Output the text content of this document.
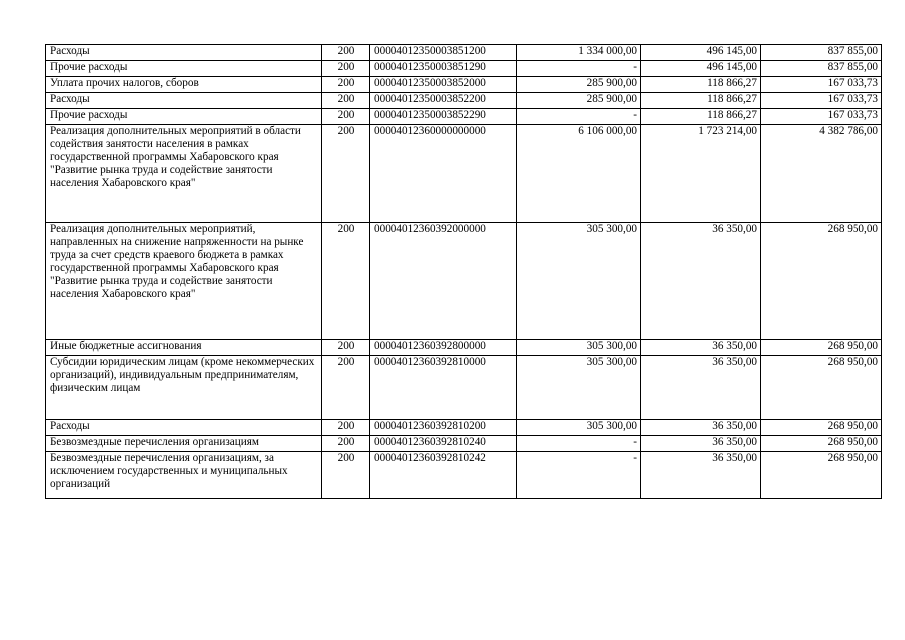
Расходы	200	00004012350003851200	1 334 000,00	496 145,00	837 855,00
Прочие расходы	200	00004012350003851290	-	496 145,00	837 855,00
Уплата прочих налогов, сборов	200	00004012350003852000	285 900,00	118 866,27	167 033,73
Расходы	200	00004012350003852200	285 900,00	118 866,27	167 033,73
Прочие расходы	200	00004012350003852290	-	118 866,27	167 033,73
Реализация дополнительных мероприятий в области содействия занятости населения в рамках государственной программы Хабаровского края "Развитие рынка труда и содействие занятости населения Хабаровского края"	200	00004012360000000000	6 106 000,00	1 723 214,00	4 382 786,00
Реализация дополнительных мероприятий, направленных на снижение напряженности на рынке труда за счет средств краевого бюджета в рамках государственной программы Хабаровского края "Развитие рынка труда и содействие занятости населения Хабаровского края"	200	00004012360392000000	305 300,00	36 350,00	268 950,00
Иные бюджетные ассигнования	200	00004012360392800000	305 300,00	36 350,00	268 950,00
Субсидии юридическим лицам (кроме некоммерческих организаций), индивидуальным предпринимателям, физическим лицам	200	00004012360392810000	305 300,00	36 350,00	268 950,00
Расходы	200	00004012360392810200	305 300,00	36 350,00	268 950,00
Безвозмездные перечисления организациям	200	00004012360392810240	-	36 350,00	268 950,00
Безвозмездные перечисления организациям, за исключением государственных и муниципальных организаций	200	00004012360392810242	-	36 350,00	268 950,00
